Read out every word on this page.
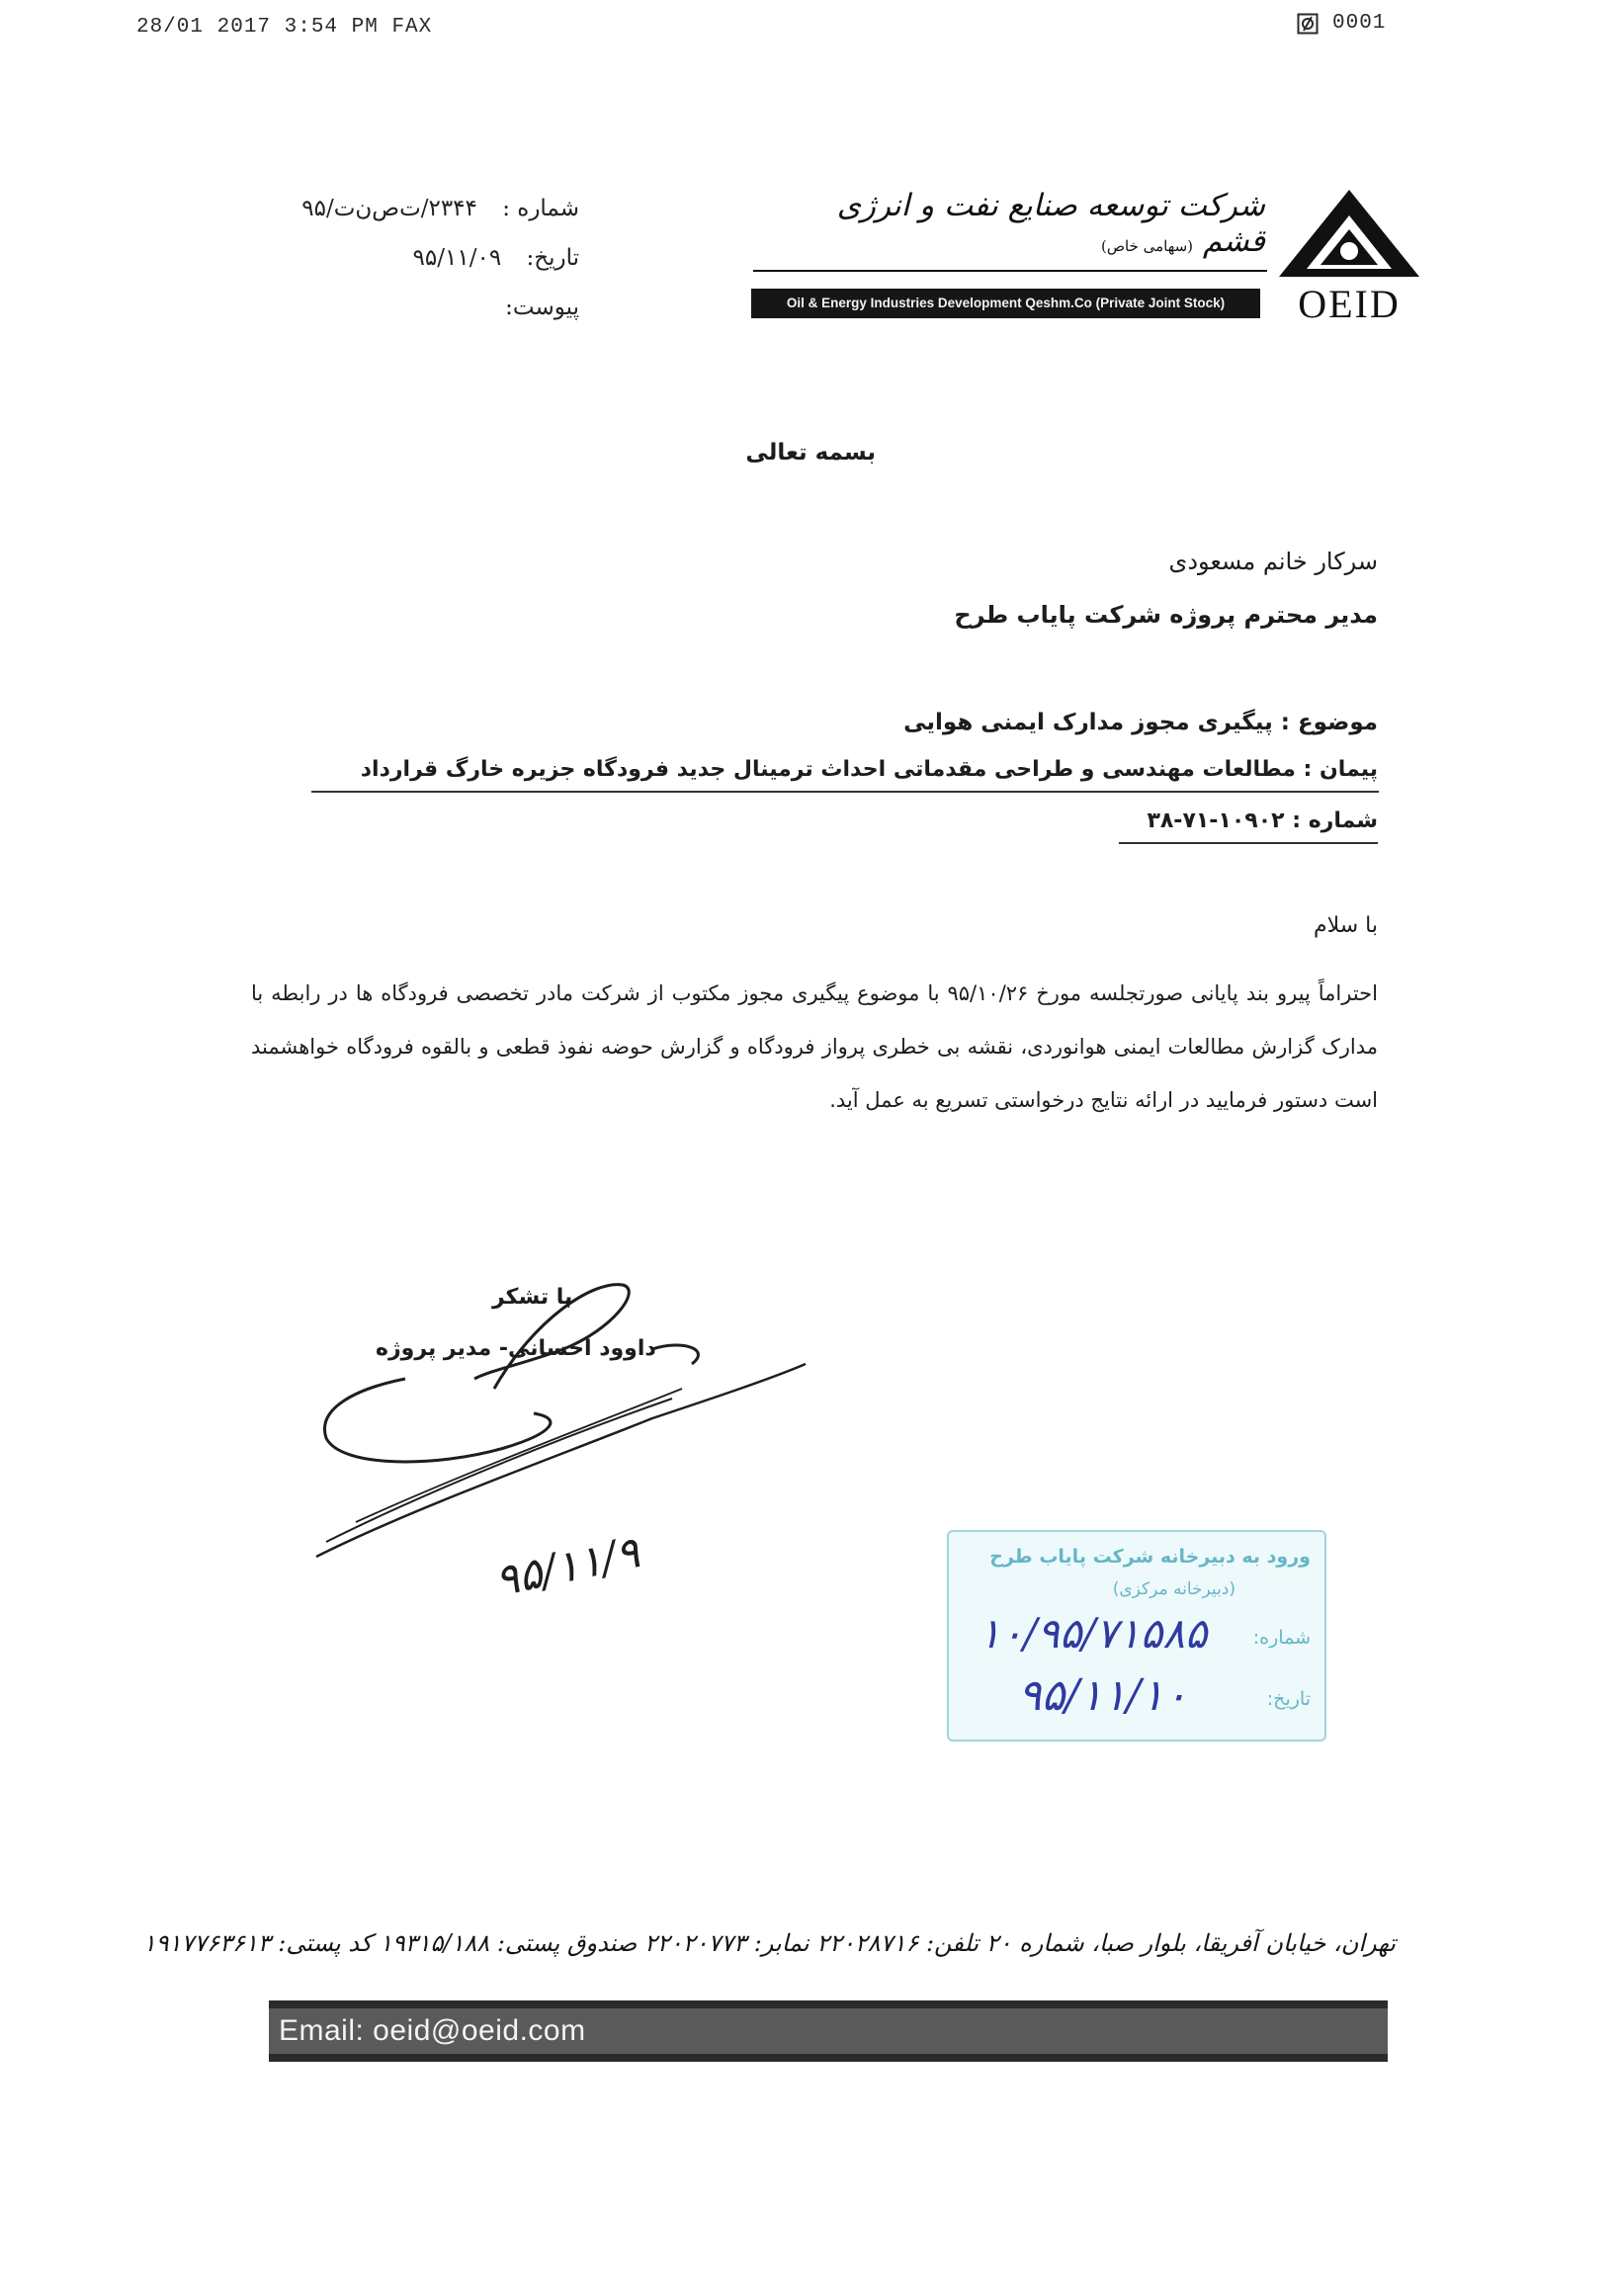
28/01 2017 3:54 PM FAX	0001
شماره : ۲۳۴۴/ت‌ص‌ن‌ت/۹۵
تاریخ: ۹۵/۱۱/۰۹
پیوست:
شرکت توسعه صنایع نفت و انرژی قشم (سهامی خاص)
Oil & Energy Industries Development Qeshm.Co (Private Joint Stock)	OEID
بسمه تعالی
سرکار خانم مسعودی
مدیر محترم پروژه شرکت پایاب طرح
موضوع : پیگیری مجوز مدارک ایمنی هوایی
پیمان : مطالعات مهندسی و طراحی مقدماتی احداث ترمینال جدید فرودگاه جزیره خارگ قرارداد
شماره : ۱۰۹۰۲-۷۱-۳۸
با سلام
احتراماً پیرو بند پایانی صورتجلسه مورخ ۹۵/۱۰/۲۶ با موضوع پیگیری مجوز مکتوب از شرکت مادر تخصصی فرودگاه ها در رابطه با مدارک گزارش مطالعات ایمنی هوانوردی، نقشه بی خطری پرواز فرودگاه و گزارش حوضه نفوذ قطعی و بالقوه فرودگاه خواهشمند است دستور فرمایید در ارائه نتایج درخواستی تسریع به عمل آید.
با تشکر
داوود احسانی- مدیر پروژه
۹۵/۱۱/۹	ورود به دبیرخانه شرکت پایاب طرح
(دبیرخانه مرکزی)
شماره:
۱۰/۹۵/۷۱۵۸۵
تاریخ:
۹۵/۱۱/۱۰
تهران، خیابان آفریقا، بلوار صبا، شماره ۲۰ تلفن: ۲۲۰۲۸۷۱۶ نمابر: ۲۲۰۲۰۷۷۳ صندوق پستی: ۱۹۳۱۵/۱۸۸ کد پستی: ۱۹۱۷۷۶۳۶۱۳
Email: oeid@oeid.com
